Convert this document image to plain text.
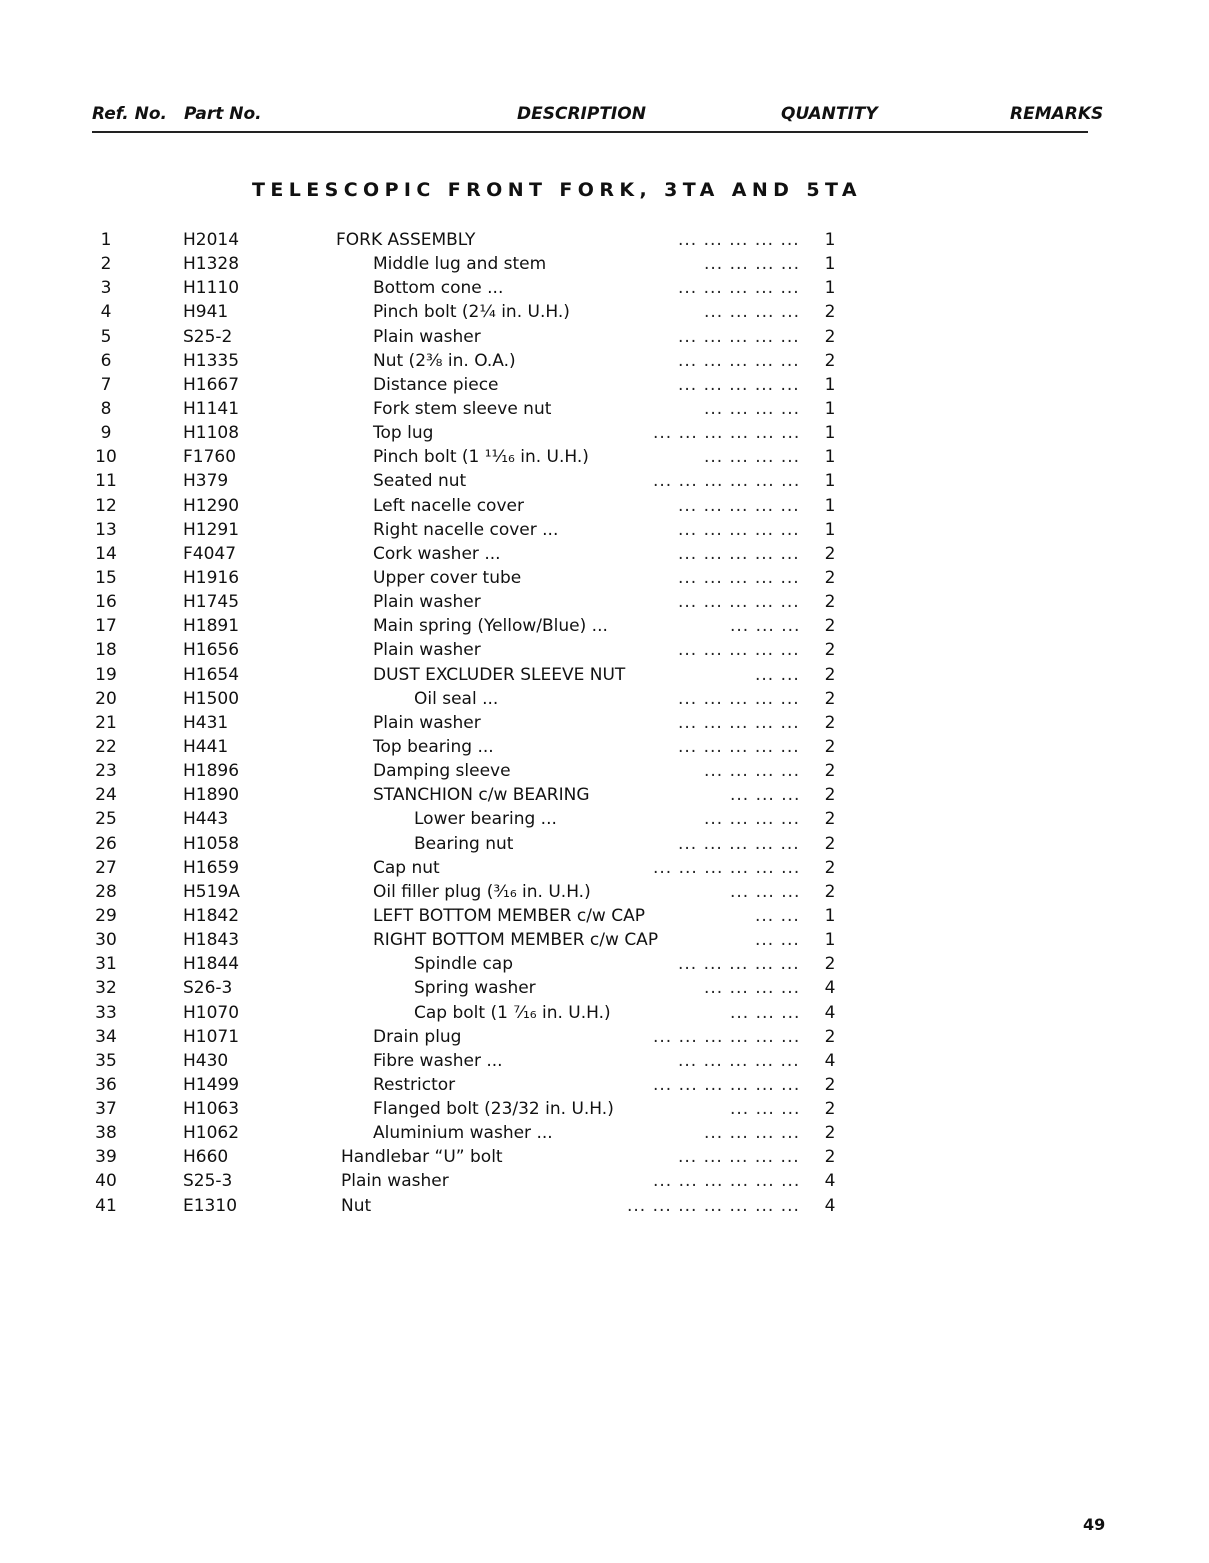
Ref. No. Part No.	DESCRIPTION	QUANTITY	REMARKS
TELESCOPIC FRONT FORK, 3TA AND 5TA
1	H2014	FORK ASSEMBLY	... ... ... ... ... 1
2	H1328	Middle lug and stem	... ... ... ... 1
3	H1110	Bottom cone ...	... ... ... ... ... 1
4	H941	Pinch bolt (2¼ in. U.H.)	... ... ... ... 2
5	S25-2	Plain washer	... ... ... ... ... 2
6	H1335	Nut (2⅜ in. O.A.)	... ... ... ... ... 2
7	H1667	Distance piece	... ... ... ... ... 1
8	H1141	Fork stem sleeve nut	... ... ... ... 1
9	H1108	Top lug	... ... ... ... ... ... 1
10	F1760	Pinch bolt (1 ¹¹⁄₁₆ in. U.H.)	... ... ... ... 1
11	H379	Seated nut	... ... ... ... ... ... 1
12	H1290	Left nacelle cover	... ... ... ... ... 1
13	H1291	Right nacelle cover ...	... ... ... ... ... 1
14	F4047	Cork washer ...	... ... ... ... ... 2
15	H1916	Upper cover tube	... ... ... ... ... 2
16	H1745	Plain washer	... ... ... ... ... 2
17	H1891	Main spring (Yellow/Blue) ...	... ... ... 2
18	H1656	Plain washer	... ... ... ... ... 2
19	H1654	DUST EXCLUDER SLEEVE NUT	... ... 2
20	H1500	Oil seal ...	... ... ... ... ... 2
21	H431	Plain washer	... ... ... ... ... 2
22	H441	Top bearing ...	... ... ... ... ... 2
23	H1896	Damping sleeve	... ... ... ... 2
24	H1890	STANCHION c/w BEARING	... ... ... 2
25	H443	Lower bearing ...	... ... ... ... 2
26	H1058	Bearing nut	... ... ... ... ... 2
27	H1659	Cap nut	... ... ... ... ... ... 2
28	H519A	Oil filler plug (³⁄₁₆ in. U.H.)	... ... ... 2
29	H1842	LEFT BOTTOM MEMBER c/w CAP	... ... 1
30	H1843	RIGHT BOTTOM MEMBER c/w CAP	... ... 1
31	H1844	Spindle cap	... ... ... ... ... 2
32	S26-3	Spring washer	... ... ... ... 4
33	H1070	Cap bolt (1 ⁷⁄₁₆ in. U.H.)	... ... ... 4
34	H1071	Drain plug	... ... ... ... ... ... 2
35	H430	Fibre washer ...	... ... ... ... ... 4
36	H1499	Restrictor	... ... ... ... ... ... 2
37	H1063	Flanged bolt (23/32 in. U.H.)	... ... ... 2
38	H1062	Aluminium washer ...	... ... ... ... 2
39	H660	Handlebar “U” bolt	... ... ... ... ... 2
40	S25-3	Plain washer	... ... ... ... ... ... 4
41	E1310	Nut	... ... ... ... ... ... ... 4
49
